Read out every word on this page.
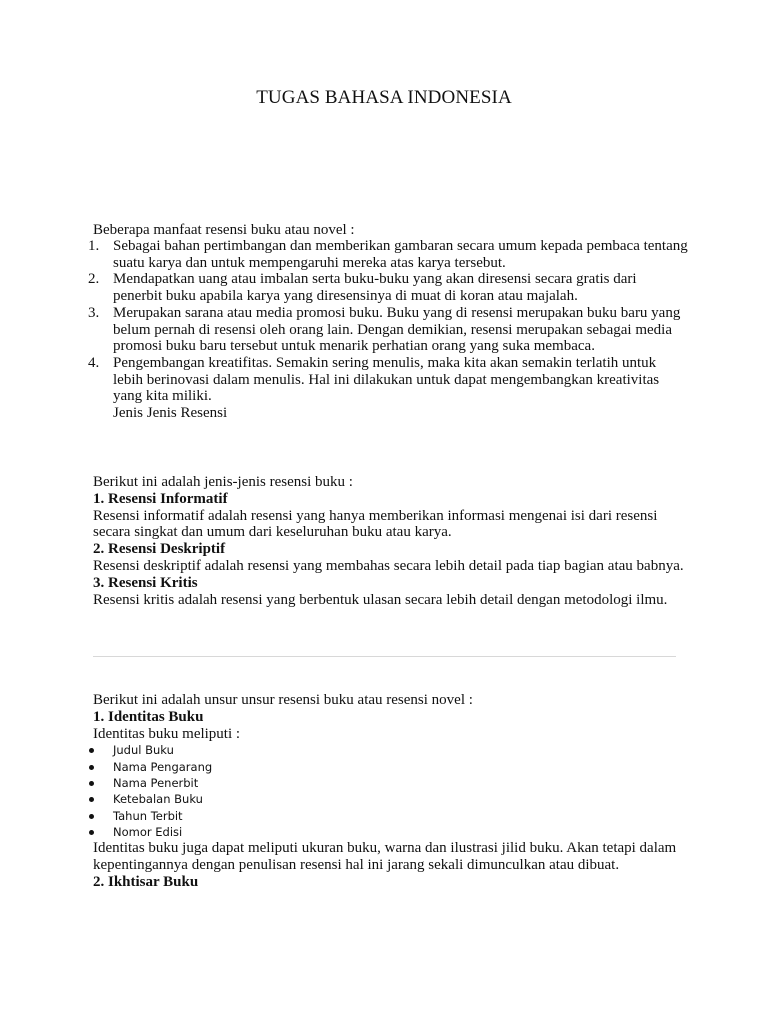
TUGAS BAHASA INDONESIA
Beberapa manfaat resensi buku atau novel :
1. Sebagai bahan pertimbangan dan memberikan gambaran secara umum kepada pembaca tentang suatu karya dan untuk mempengaruhi mereka atas karya tersebut.
2. Mendapatkan uang atau imbalan serta buku-buku yang akan diresensi secara gratis dari penerbit buku apabila karya yang diresensinya di muat di koran atau majalah.
3. Merupakan sarana atau media promosi buku. Buku yang di resensi merupakan buku baru yang belum pernah di resensi oleh orang lain. Dengan demikian, resensi merupakan sebagai media promosi buku baru tersebut untuk menarik perhatian orang yang suka membaca.
4. Pengembangan kreatifitas. Semakin sering menulis, maka kita akan semakin terlatih untuk lebih berinovasi dalam menulis. Hal ini dilakukan untuk dapat mengembangkan kreativitas yang kita miliki.
Jenis Jenis Resensi
Berikut ini adalah jenis-jenis resensi buku :
1. Resensi Informatif
Resensi informatif adalah resensi yang hanya memberikan informasi mengenai isi dari resensi secara singkat dan umum dari keseluruhan buku atau karya.
2. Resensi Deskriptif
Resensi deskriptif adalah resensi yang membahas secara lebih detail pada tiap bagian atau babnya.
3. Resensi Kritis
Resensi kritis adalah resensi yang berbentuk ulasan secara lebih detail dengan metodologi ilmu.
Berikut ini adalah unsur unsur resensi buku atau resensi novel :
1. Identitas Buku
Identitas buku meliputi :
Judul Buku
Nama Pengarang
Nama Penerbit
Ketebalan Buku
Tahun Terbit
Nomor Edisi
Identitas buku juga dapat meliputi ukuran buku, warna dan ilustrasi jilid buku. Akan tetapi dalam kepentingannya dengan penulisan resensi hal ini jarang sekali dimunculkan atau dibuat.
2. Ikhtisar Buku
